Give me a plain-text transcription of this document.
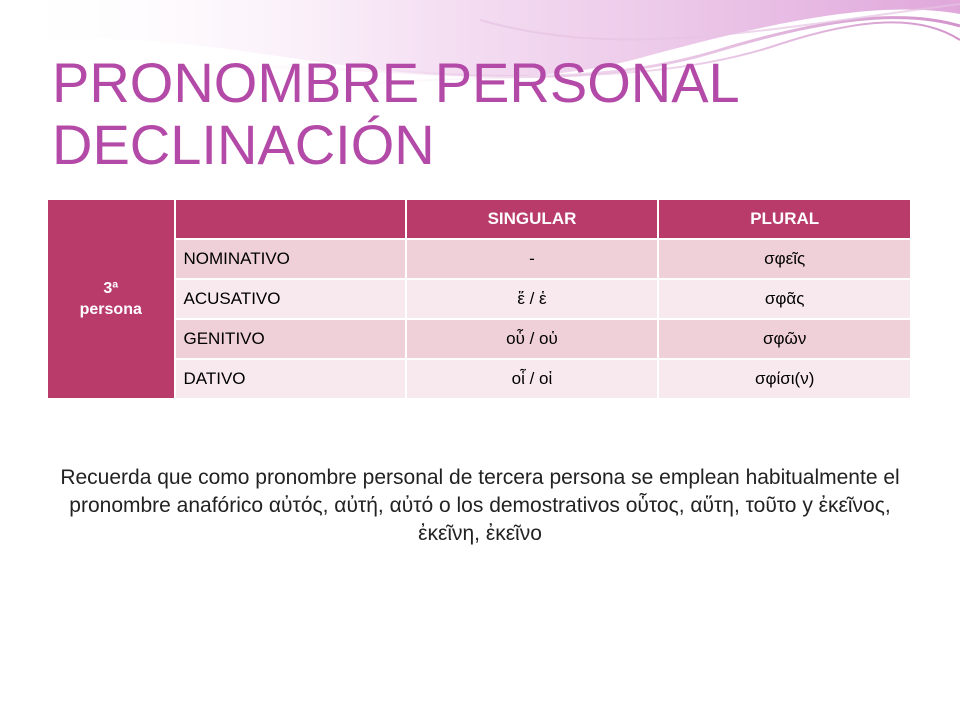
PRONOMBRE PERSONAL
DECLINACIÓN
3ª
persona		SINGULAR	PLURAL
	NOMINATIVO	-	σφεῖς
	ACUSATIVO	ἕ / ἑ	σφᾶς
	GENITIVO	οὗ / οὑ	σφῶν
	DATIVO	οἷ / οἱ	σφίσι(ν)

Recuerda que como pronombre personal de tercera persona se emplean habitualmente el pronombre anafórico αὐτός, αὐτή, αὐτό o los demostrativos οὗτος, αὕτη, τοῦτο y ἐκεῖνος, ἐκεῖνη, ἐκεῖνο
